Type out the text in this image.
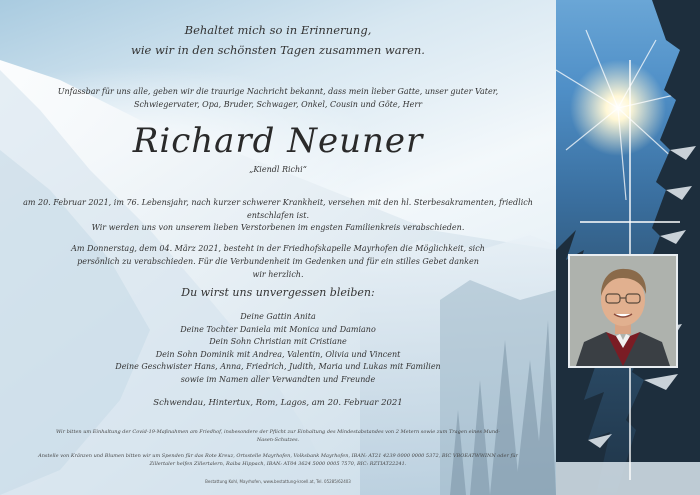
Behaltet mich so in Erinnerung,
wie wir in den schönsten Tagen zusammen waren.
Unfassbar für uns alle, geben wir die traurige Nachricht bekannt, dass mein lieber Gatte, unser guter Vater, Schwiegervater, Opa, Bruder, Schwager, Onkel, Cousin und Göte, Herr
Richard Neuner
„Kiendl Richi“
am 20. Februar 2021, im 76. Lebensjahr, nach kurzer schwerer Krankheit, versehen mit den hl. Sterbesakramenten, friedlich entschlafen ist.
Wir werden uns von unserem lieben Verstorbenen im engsten Familienkreis verabschieden.
Am Donnerstag, dem 04. März 2021, besteht in der Friedhofskapelle Mayrhofen die Möglichkeit, sich persönlich zu verabschieden. Für die Verbundenheit im Gedenken und für ein stilles Gebet danken wir herzlich.
Du wirst uns unvergessen bleiben:
Deine Gattin Anita
Deine Tochter Daniela mit Monica und Damiano
Dein Sohn Christian mit Cristiane
Dein Sohn Dominik mit Andrea, Valentin, Olivia und Vincent
Deine Geschwister Hans, Anna, Friedrich, Judith, Maria und Lukas mit Familien
sowie im Namen aller Verwandten und Freunde
Schwendau, Hintertux, Rom, Lagos, am 20. Februar 2021
Wir bitten um Einhaltung der Covid-19-Maßnahmen am Friedhof, insbesondere der Pflicht zur Einhaltung des Mindestabstandes von 2 Metern sowie zum Tragen eines Mund-Nasen-Schutzes.
Anstelle von Kränzen und Blumen bitten wir um Spenden für das Rote Kreuz, Ortsstelle Mayrhofen, Volksbank Mayrhofen, IBAN: AT21 4239 0000 0000 5372, BIC VBOEATWWINN oder für Zillertaler helfen Zillertalern, Raiba Hippach, IBAN: AT04 3624 5000 0005 7570, BIC: RZTIAT22241.
Bestattung Kohl, Mayrhofen, www.bestattung-kroell.at, Tel. 05285/62403
